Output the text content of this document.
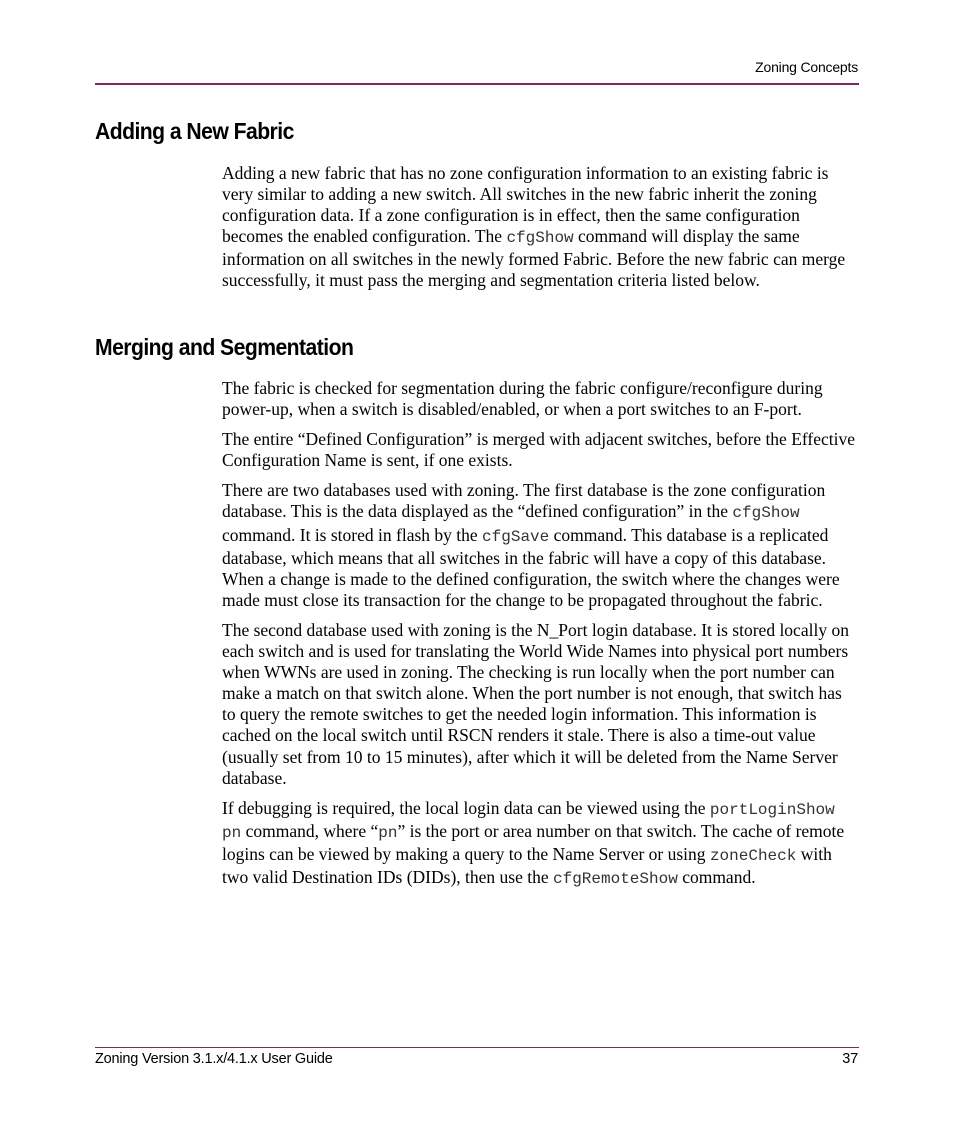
Zoning Concepts
Adding a New Fabric

Adding a new fabric that has no zone configuration information to an existing fabric is very similar to adding a new switch. All switches in the new fabric inherit the zoning configuration data. If a zone configuration is in effect, then the same configuration becomes the enabled configuration. The cfgShow command will display the same information on all switches in the newly formed Fabric. Before the new fabric can merge successfully, it must pass the merging and segmentation criteria listed below.

Merging and Segmentation

The fabric is checked for segmentation during the fabric configure/reconfigure during power-up, when a switch is disabled/enabled, or when a port switches to an F-port.

The entire “Defined Configuration” is merged with adjacent switches, before the Effective Configuration Name is sent, if one exists.

There are two databases used with zoning. The first database is the zone configuration database. This is the data displayed as the “defined configuration” in the cfgShow command. It is stored in flash by the cfgSave command. This database is a replicated database, which means that all switches in the fabric will have a copy of this database. When a change is made to the defined configuration, the switch where the changes were made must close its transaction for the change to be propagated throughout the fabric.

The second database used with zoning is the N_Port login database. It is stored locally on each switch and is used for translating the World Wide Names into physical port numbers when WWNs are used in zoning. The checking is run locally when the port number can make a match on that switch alone. When the port number is not enough, that switch has to query the remote switches to get the needed login information. This information is cached on the local switch until RSCN renders it stale. There is also a time-out value (usually set from 10 to 15 minutes), after which it will be deleted from the Name Server database.

If debugging is required, the local login data can be viewed using the portLoginShow pn command, where “pn” is the port or area number on that switch. The cache of remote logins can be viewed by making a query to the Name Server or using zoneCheck with two valid Destination IDs (DIDs), then use the cfgRemoteShow command.

Zoning Version 3.1.x/4.1.x User Guide	37
